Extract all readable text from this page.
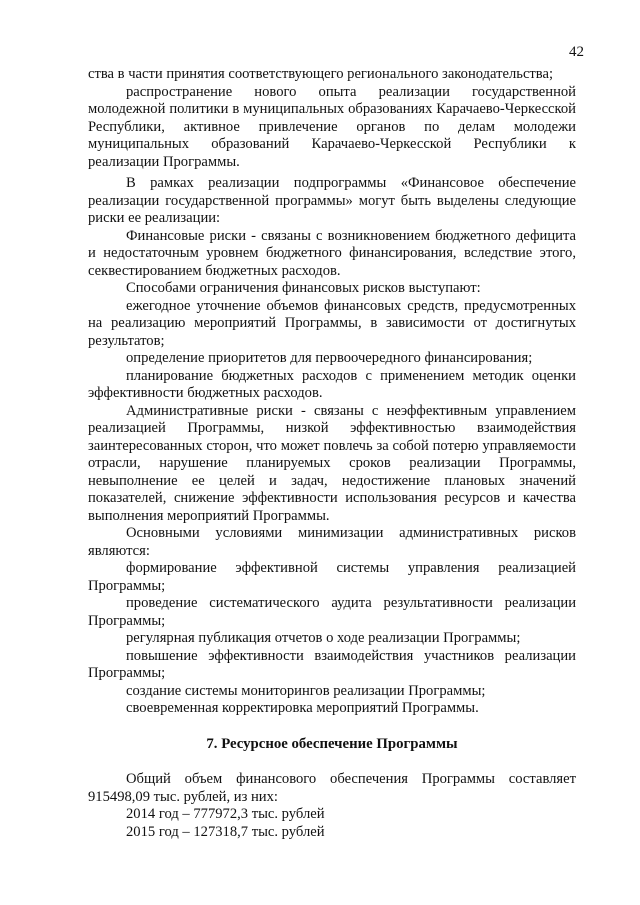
42

ства в части принятия соответствующего регионального законодательства;

распространение нового опыта реализации государственной молодежной политики в муниципальных образованиях Карачаево-Черкесской Республики, активное привлечение органов по делам молодежи муниципальных образований Карачаево-Черкесской Республики к реализации Программы.

В рамках реализации подпрограммы «Финансовое обеспечение реализации государственной программы» могут быть выделены следующие риски ее реализации:

Финансовые риски - связаны с возникновением бюджетного дефицита и недостаточным уровнем бюджетного финансирования, вследствие этого, секвестированием бюджетных расходов.

Способами ограничения финансовых рисков выступают:

ежегодное уточнение объемов финансовых средств, предусмотренных на реализацию мероприятий Программы, в зависимости от достигнутых результатов;

определение приоритетов для первоочередного финансирования;

планирование бюджетных расходов с применением методик оценки эффективности бюджетных расходов.

Административные риски - связаны с неэффективным управлением реализацией Программы, низкой эффективностью взаимодействия заинтересованных сторон, что может повлечь за собой потерю управляемости отрасли, нарушение планируемых сроков реализации Программы, невыполнение ее целей и задач, недостижение плановых значений показателей, снижение эффективности использования ресурсов и качества выполнения мероприятий Программы.

Основными условиями минимизации административных рисков являются:

формирование эффективной системы управления реализацией Программы;

проведение систематического аудита результативности реализации Программы;

регулярная публикация отчетов о ходе реализации Программы;

повышение эффективности взаимодействия участников реализации Программы;

создание системы мониторингов реализации Программы;

своевременная корректировка мероприятий Программы.

7. Ресурсное обеспечение Программы

Общий объем финансового обеспечения Программы составляет 915498,09 тыс. рублей, из них:

2014 год – 777972,3 тыс. рублей

2015 год – 127318,7 тыс. рублей
